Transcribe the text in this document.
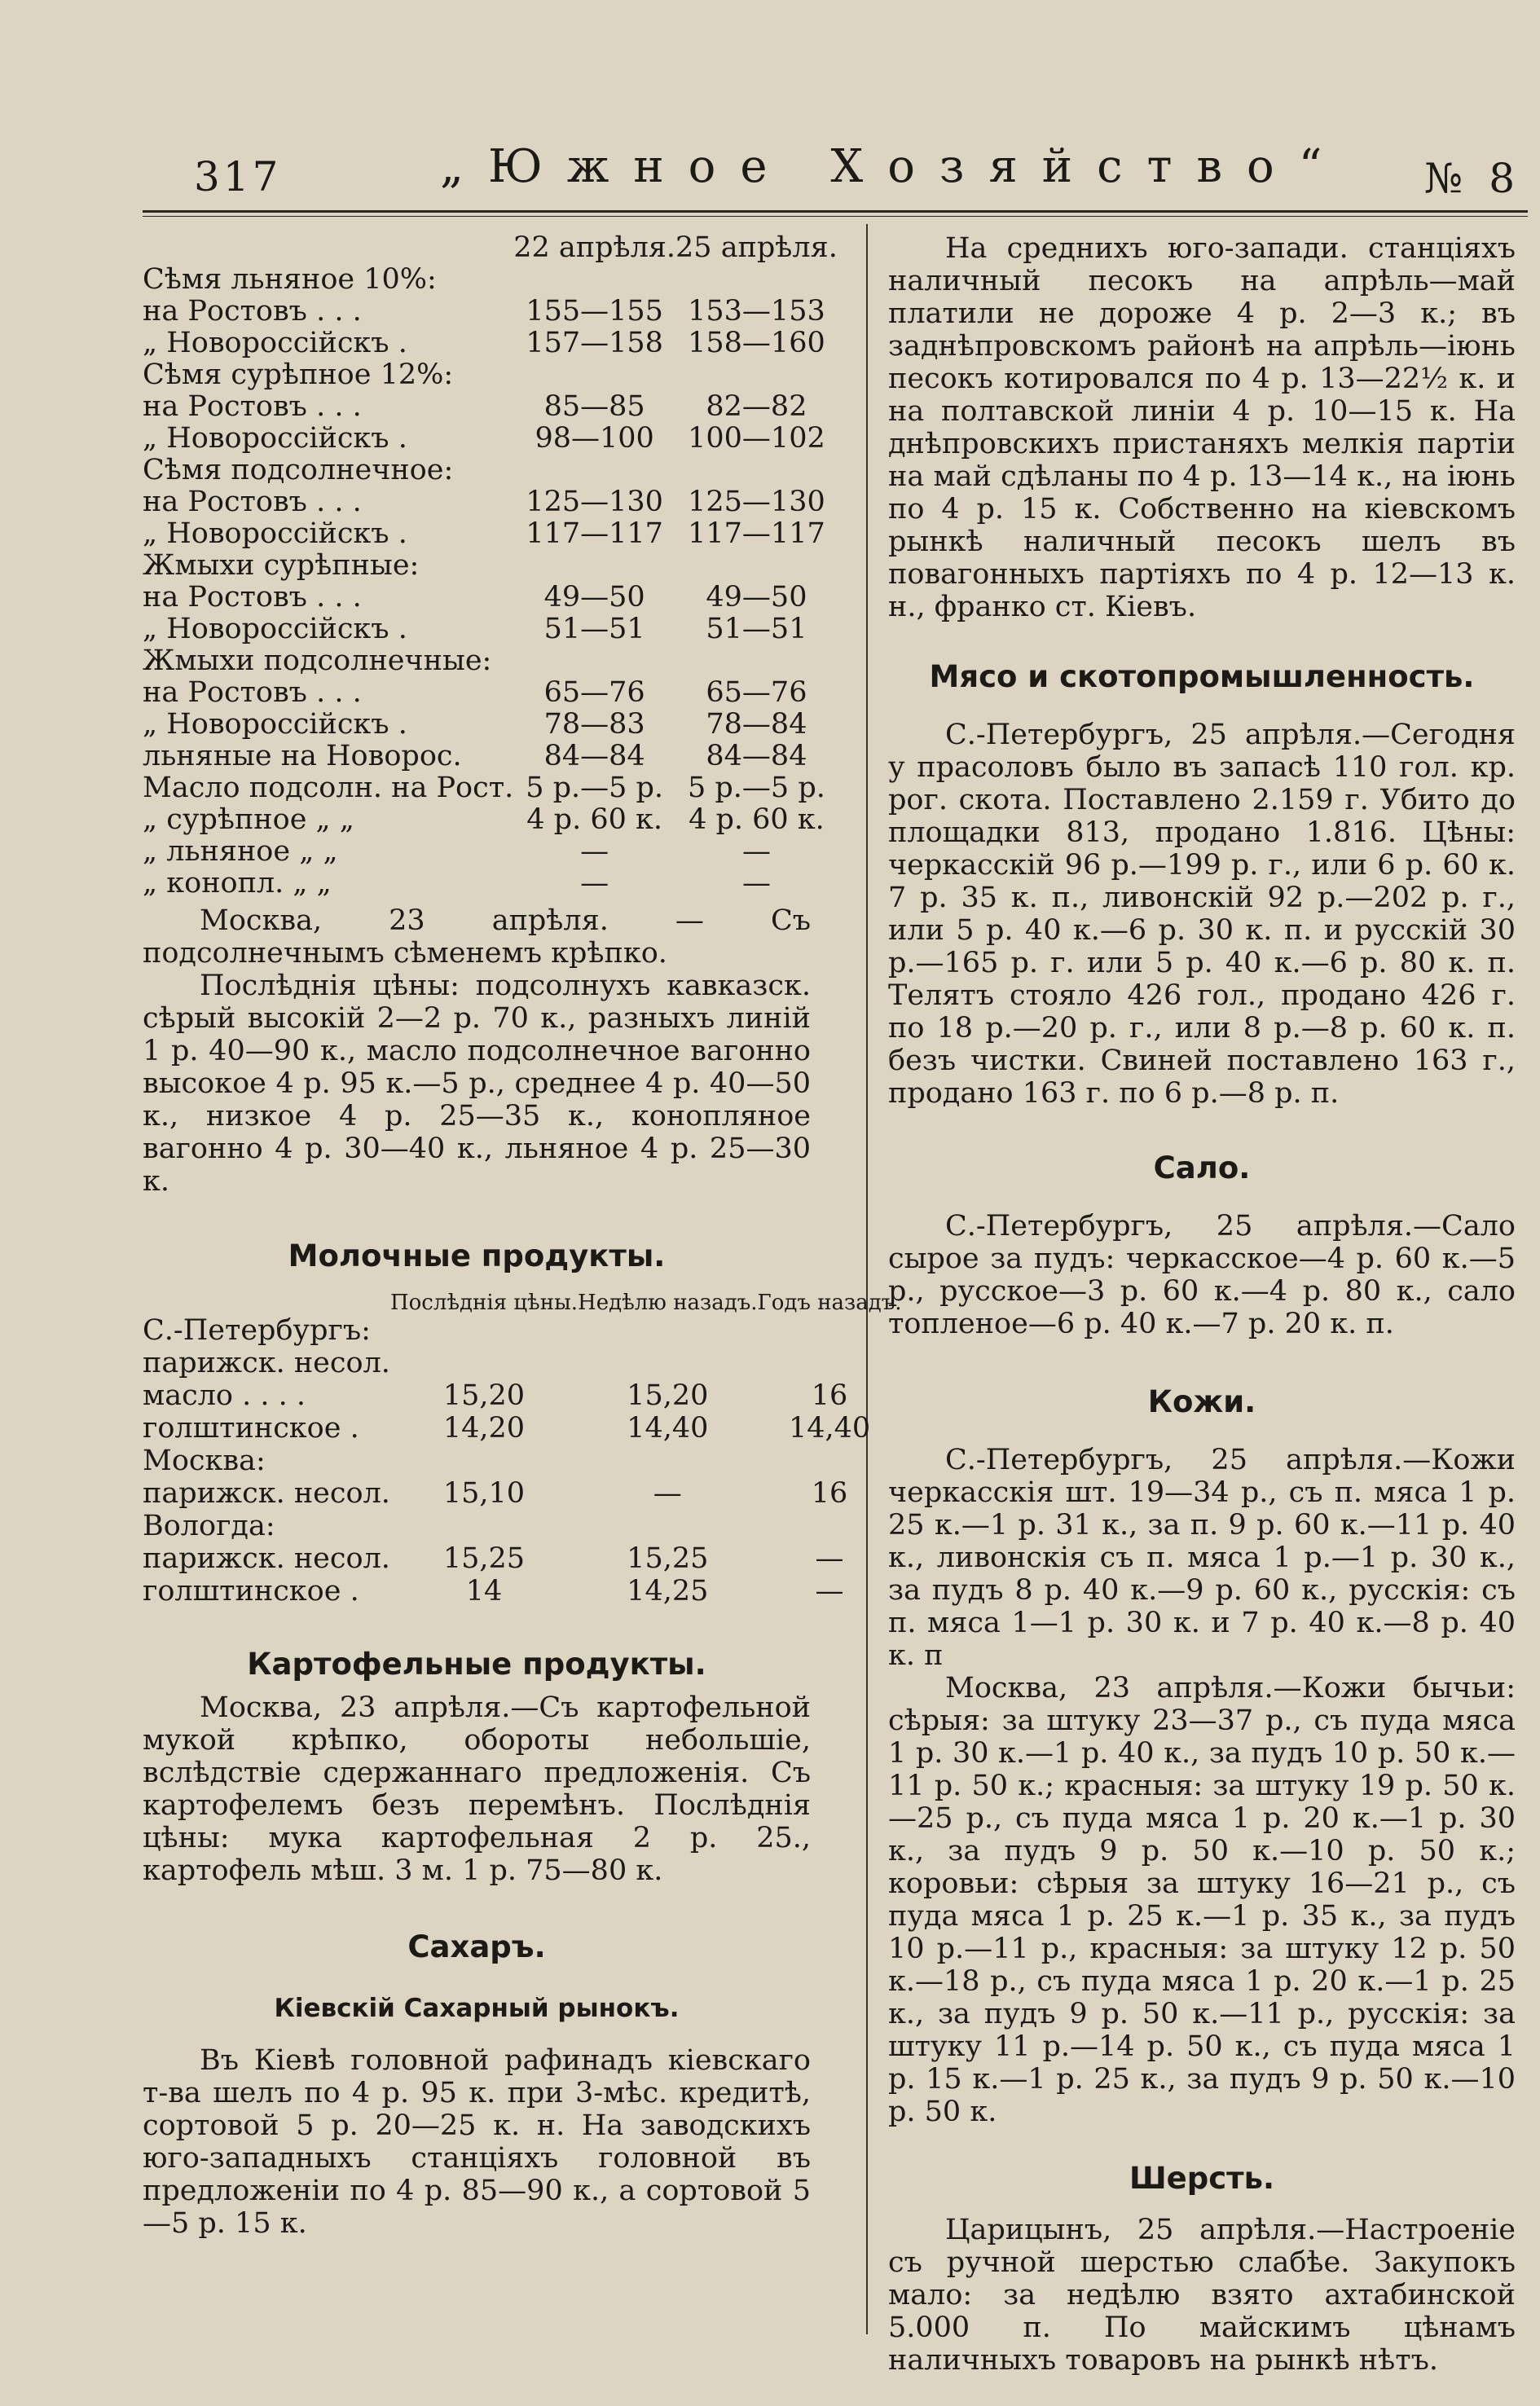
317	„Южное Хозяйство“ № 8
	22 апрѣля.	25 апрѣля.
Сѣмя льняное 10%:		
на Ростовъ . . .	155—155	153—153
„ Новороссійскъ .	157—158	158—160
Сѣмя сурѣпное 12%:		
на Ростовъ . . .	85—85	82—82
„ Новороссійскъ .	98—100	100—102
Сѣмя подсолнечное:		
на Ростовъ . . .	125—130	125—130
„ Новороссійскъ .	117—117	117—117
Жмыхи сурѣпные:		
на Ростовъ . . .	49—50	49—50
„ Новороссійскъ .	51—51	51—51
Жмыхи подсолнечные:		
на Ростовъ . . .	65—76	65—76
„ Новороссійскъ .	78—83	78—84
льняные на Новорос.	84—84	84—84
Масло подсолн. на Рост.	5 р.—5 р.	5 р.—5 р.
„ сурѣпное „ „	4 р. 60 к.	4 р. 60 к.
„ льняное „ „	—	—
„ конопл. „ „	—	—
Москва, 23 апрѣля. — Съ подсолнечнымъ сѣменемъ крѣпко.
Послѣднія цѣны: подсолнухъ кавказск. сѣрый высокій 2—2 р. 70 к., разныхъ линій 1 р. 40—90 к., масло подсолнечное вагонно высокое 4 р. 95 к.—5 р., среднее 4 р. 40—50 к., низкое 4 р. 25—35 к., конопляное вагонно 4 р. 30—40 к., льняное 4 р. 25—30 к.
Молочные продукты.
	Послѣднія цѣны.	Недѣлю назадъ.	Годъ назадъ.
С.-Петербургъ:			
парижск. несол.			
масло . . . .	15,20	15,20	16
голштинское .	14,20	14,40	14,40
Москва:			
парижск. несол.	15,10	—	16
Вологда:			
парижск. несол.	15,25	15,25	—
голштинское .	14	14,25	—
Картофельные продукты.
Москва, 23 апрѣля.—Съ картофельной мукой крѣпко, обороты небольшіе, вслѣдствіе сдержаннаго предложенія. Съ картофелемъ безъ перемѣнъ. Послѣднія цѣны: мука картофельная 2 р. 25., картофель мѣш. 3 м. 1 р. 75—80 к.
Сахаръ.
Кіевскій Сахарный рынокъ.
Въ Кіевѣ головной рафинадъ кіевскаго т-ва шелъ по 4 р. 95 к. при 3-мѣс. кредитѣ, сортовой 5 р. 20—25 к. н. На заводскихъ юго-западныхъ станціяхъ головной въ предложеніи по 4 р. 85—90 к., а сортовой 5—5 р. 15 к.
На среднихъ юго-запади. станціяхъ наличный песокъ на апрѣль—май платили не дороже 4 р. 2—3 к.; въ заднѣпровскомъ районѣ на апрѣль—іюнь песокъ котировался по 4 р. 13—22½ к. и на полтавской линіи 4 р. 10—15 к. На днѣпровскихъ пристаняхъ мелкія партіи на май сдѣланы по 4 р. 13—14 к., на іюнь по 4 р. 15 к. Собственно на кіевскомъ рынкѣ наличный песокъ шелъ въ повагонныхъ партіяхъ по 4 р. 12—13 к. н., франко ст. Кіевъ.
Мясо и скотопромышленность.
С.-Петербургъ, 25 апрѣля.—Сегодня у прасоловъ было въ запасѣ 110 гол. кр. рог. скота. Поставлено 2.159 г. Убито до площадки 813, продано 1.816. Цѣны: черкасскій 96 р.—199 р. г., или 6 р. 60 к. 7 р. 35 к. п., ливонскій 92 р.—202 р. г., или 5 р. 40 к.—6 р. 30 к. п. и русскій 30 р.—165 р. г. или 5 р. 40 к.—6 р. 80 к. п. Телятъ стояло 426 гол., продано 426 г. по 18 р.—20 р. г., или 8 р.—8 р. 60 к. п. безъ чистки. Свиней поставлено 163 г., продано 163 г. по 6 р.—8 р. п.
Сало.
С.-Петербургъ, 25 апрѣля.—Сало сырое за пудъ: черкасское—4 р. 60 к.—5 р., русское—3 р. 60 к.—4 р. 80 к., сало топленое—6 р. 40 к.—7 р. 20 к. п.
Кожи.
С.-Петербургъ, 25 апрѣля.—Кожи черкасскія шт. 19—34 р., съ п. мяса 1 р. 25 к.—1 р. 31 к., за п. 9 р. 60 к.—11 р. 40 к., ливонскія съ п. мяса 1 р.—1 р. 30 к., за пудъ 8 р. 40 к.—9 р. 60 к., русскія: съ п. мяса 1—1 р. 30 к. и 7 р. 40 к.—8 р. 40 к. п
Москва, 23 апрѣля.—Кожи бычьи: сѣрыя: за штуку 23—37 р., съ пуда мяса 1 р. 30 к.—1 р. 40 к., за пудъ 10 р. 50 к.—11 р. 50 к.; красныя: за штуку 19 р. 50 к.—25 р., съ пуда мяса 1 р. 20 к.—1 р. 30 к., за пудъ 9 р. 50 к.—10 р. 50 к.; коровьи: сѣрыя за штуку 16—21 р., съ пуда мяса 1 р. 25 к.—1 р. 35 к., за пудъ 10 р.—11 р., красныя: за штуку 12 р. 50 к.—18 р., съ пуда мяса 1 р. 20 к.—1 р. 25 к., за пудъ 9 р. 50 к.—11 р., русскія: за штуку 11 р.—14 р. 50 к., съ пуда мяса 1 р. 15 к.—1 р. 25 к., за пудъ 9 р. 50 к.—10 р. 50 к.
Шерсть.
Царицынъ, 25 апрѣля.—Настроеніе съ ручной шерстью слабѣе. Закупокъ мало: за недѣлю взято ахтабинской 5.000 п. По майскимъ цѣнамъ наличныхъ товаровъ на рынкѣ нѣтъ.
